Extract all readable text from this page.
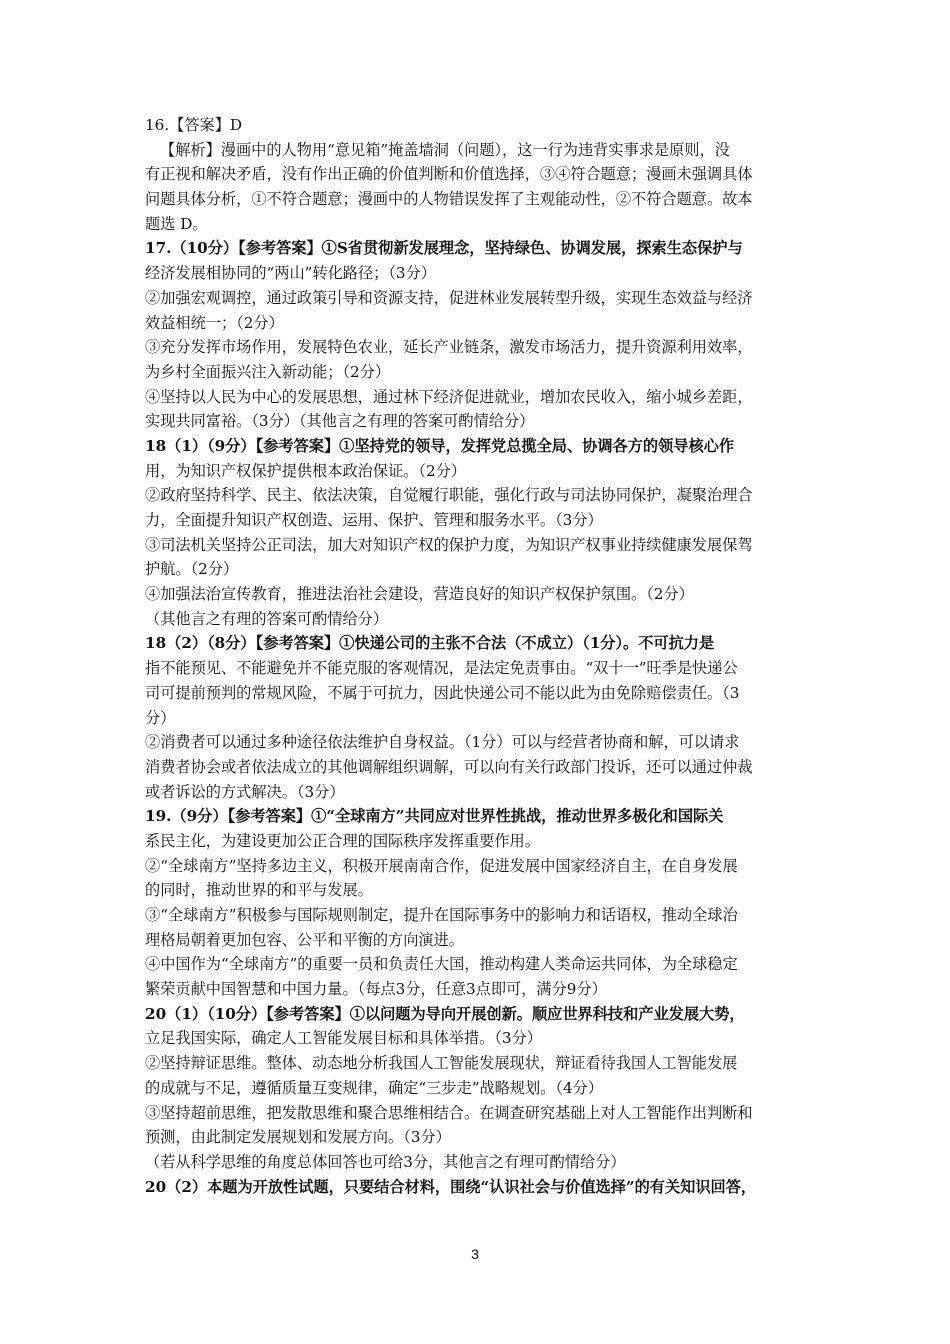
16.【答案】D
【解析】漫画中的人物用“意见箱”掩盖墙洞（问题），这一行为违背实事求是原则，没
有正视和解决矛盾，没有作出正确的价值判断和价值选择，③④符合题意；漫画未强调具体
问题具体分析，①不符合题意；漫画中的人物错误发挥了主观能动性，②不符合题意。故本
题选 D。
17.（10分）【参考答案】①S省贯彻新发展理念，坚持绿色、协调发展，探索生态保护与
经济发展相协同的“两山”转化路径；（3分）
②加强宏观调控，通过政策引导和资源支持，促进林业发展转型升级，实现生态效益与经济
效益相统一；（2分）
③充分发挥市场作用，发展特色农业，延长产业链条，激发市场活力，提升资源利用效率，
为乡村全面振兴注入新动能；（2分）
④坚持以人民为中心的发展思想，通过林下经济促进就业，增加农民收入，缩小城乡差距，
实现共同富裕。（3分）（其他言之有理的答案可酌情给分）
18（1）（9分）【参考答案】①坚持党的领导，发挥党总揽全局、协调各方的领导核心作
用，为知识产权保护提供根本政治保证。（2分）
②政府坚持科学、民主、依法决策，自觉履行职能，强化行政与司法协同保护，凝聚治理合
力，全面提升知识产权创造、运用、保护、管理和服务水平。（3分）
③司法机关坚持公正司法，加大对知识产权的保护力度，为知识产权事业持续健康发展保驾
护航。（2分）
④加强法治宣传教育，推进法治社会建设，营造良好的知识产权保护氛围。（2分）
（其他言之有理的答案可酌情给分）
18（2）（8分）【参考答案】①快递公司的主张不合法（不成立）（1分）。不可抗力是
指不能预见、不能避免并不能克服的客观情况，是法定免责事由。“双十一”旺季是快递公
司可提前预判的常规风险，不属于可抗力，因此快递公司不能以此为由免除赔偿责任。（3
分）
②消费者可以通过多种途径依法维护自身权益。（1分）可以与经营者协商和解，可以请求
消费者协会或者依法成立的其他调解组织调解，可以向有关行政部门投诉，还可以通过仲裁
或者诉讼的方式解决。（3分）
19.（9分）【参考答案】①“全球南方”共同应对世界性挑战，推动世界多极化和国际关
系民主化，为建设更加公正合理的国际秩序发挥重要作用。
②“全球南方”坚持多边主义，积极开展南南合作，促进发展中国家经济自主，在自身发展
的同时，推动世界的和平与发展。
③“全球南方”积极参与国际规则制定，提升在国际事务中的影响力和话语权，推动全球治
理格局朝着更加包容、公平和平衡的方向演进。
④中国作为“全球南方”的重要一员和负责任大国，推动构建人类命运共同体，为全球稳定
繁荣贡献中国智慧和中国力量。（每点3分，任意3点即可，满分9分）
20（1）（10分）【参考答案】①以问题为导向开展创新。顺应世界科技和产业发展大势，
立足我国实际，确定人工智能发展目标和具体举措。（3分）
②坚持辩证思维。整体、动态地分析我国人工智能发展现状，辩证看待我国人工智能发展
的成就与不足，遵循质量互变规律，确定“三步走”战略规划。（4分）
③坚持超前思维，把发散思维和聚合思维相结合。在调查研究基础上对人工智能作出判断和
预测，由此制定发展规划和发展方向。（3分）
（若从科学思维的角度总体回答也可给3分，其他言之有理可酌情给分）
20（2）本题为开放性试题，只要结合材料，围绕“认识社会与价值选择”的有关知识回答，
3
